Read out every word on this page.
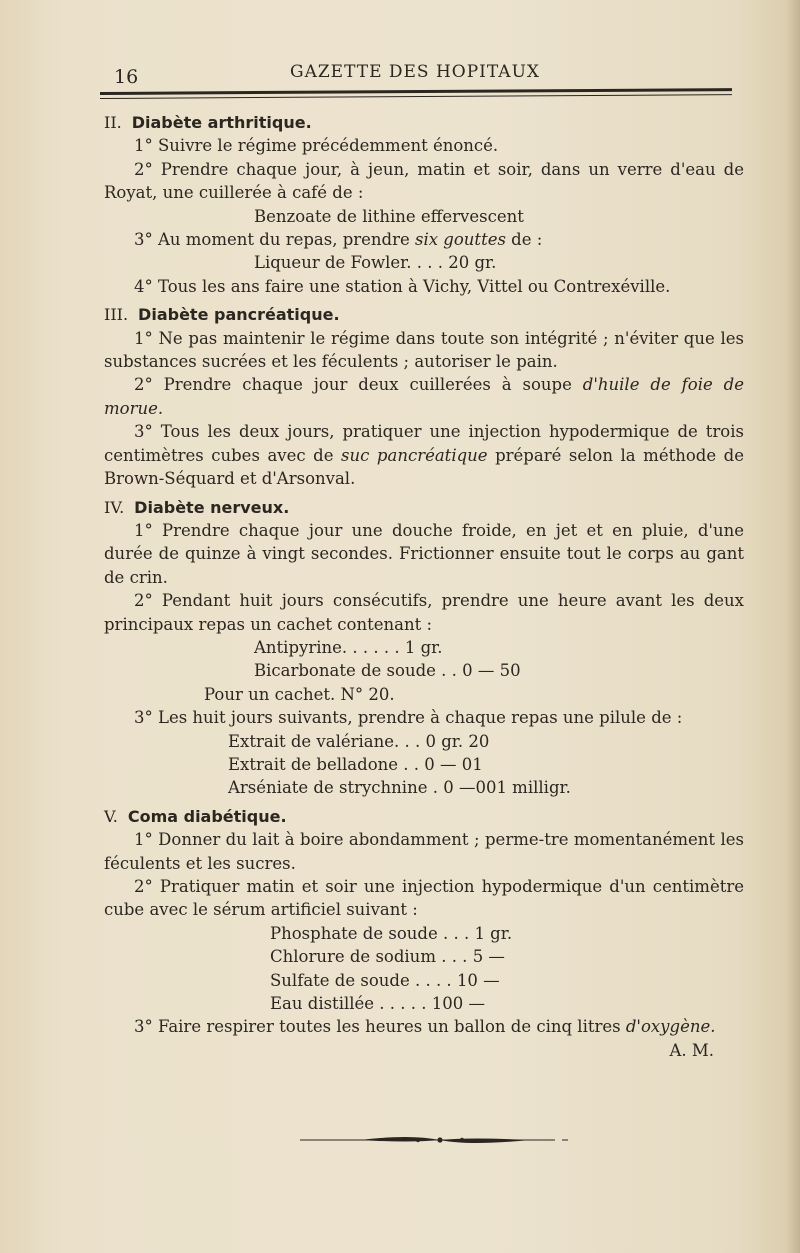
16	GAZETTE DES HOPITAUX

II. Diabète arthritique.

1° Suivre le régime précédemment énoncé.

2° Prendre chaque jour, à jeun, matin et soir, dans un verre d'eau de Royat, une cuillerée à café de :

Benzoate de lithine effervescent

3° Au moment du repas, prendre six gouttes de :

Liqueur de Fowler. . . . 20 gr.

4° Tous les ans faire une station à Vichy, Vittel ou Contrexéville.

III. Diabète pancréatique.

1° Ne pas maintenir le régime dans toute son intégrité ; n'éviter que les substances sucrées et les féculents ; autoriser le pain.

2° Prendre chaque jour deux cuillerées à soupe d'huile de foie de morue.

3° Tous les deux jours, pratiquer une injection hypodermique de trois centimètres cubes avec de suc pancréatique préparé selon la méthode de Brown-Séquard et d'Arsonval.

IV. Diabète nerveux.

1° Prendre chaque jour une douche froide, en jet et en pluie, d'une durée de quinze à vingt secondes. Frictionner ensuite tout le corps au gant de crin.

2° Pendant huit jours consécutifs, prendre une heure avant les deux principaux repas un cachet contenant :

Antipyrine. . . . . . 1 gr.
Bicarbonate de soude . . 0 — 50

Pour un cachet. N° 20.

3° Les huit jours suivants, prendre à chaque repas une pilule de :

Extrait de valériane. . . 0 gr. 20
Extrait de belladone . . 0 — 01
Arséniate de strychnine . 0 —001 milligr.

V. Coma diabétique.

1° Donner du lait à boire abondamment ; perme-tre momentanément les féculents et les sucres.

2° Pratiquer matin et soir une injection hypodermique d'un centimètre cube avec le sérum artificiel suivant :

Phosphate de soude . . . 1 gr.
Chlorure de sodium . . . 5 —
Sulfate de soude . . . . 10 —
Eau distillée . . . . . 100 —

3° Faire respirer toutes les heures un ballon de cinq litres d'oxygène.

A. M.
